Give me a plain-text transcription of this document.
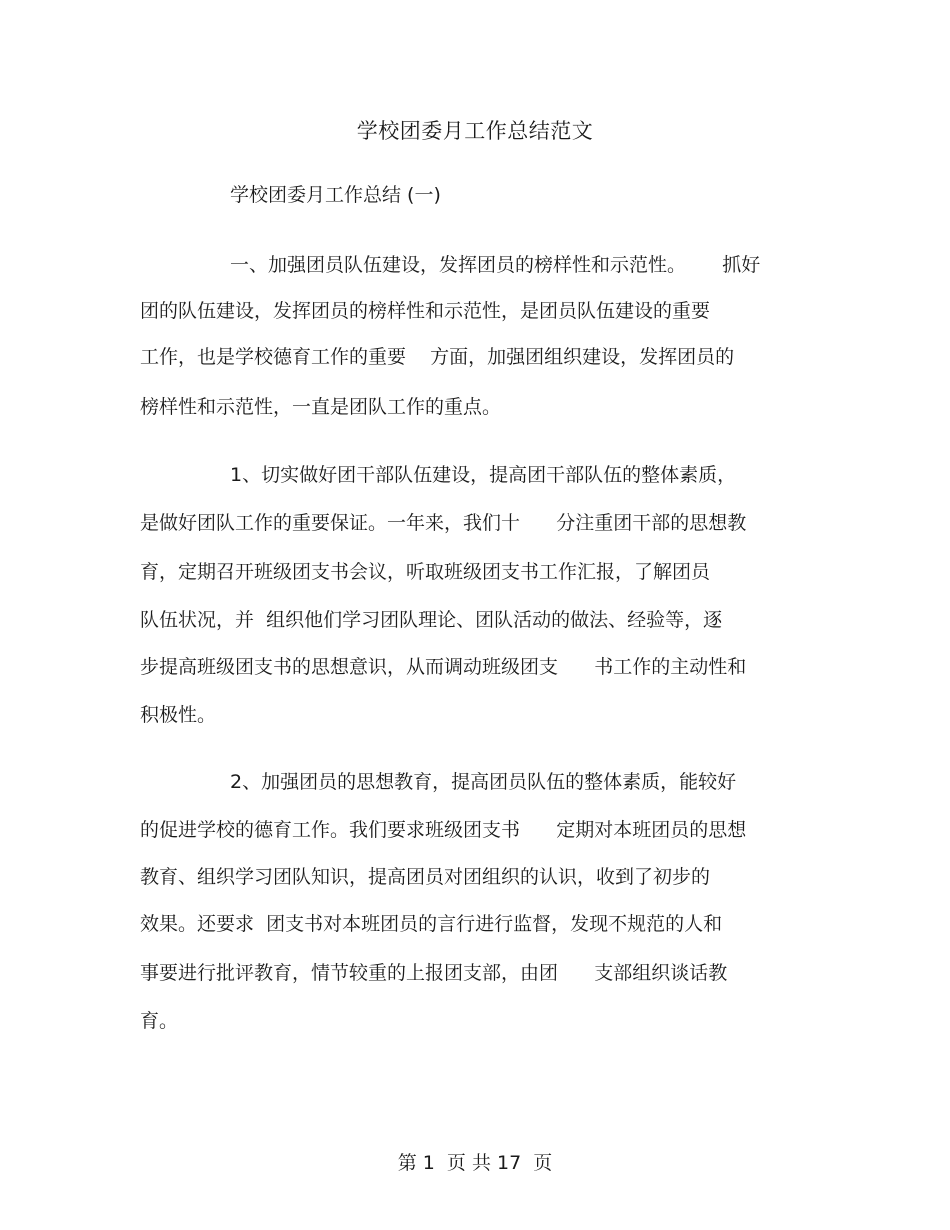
学校团委月工作总结范文
学校团委月工作总结 (一)
一、加强团员队伍建设，发挥团员的榜样性和示范性。      抓好
团的队伍建设，发挥团员的榜样性和示范性，是团员队伍建设的重要
工作，也是学校德育工作的重要    方面，加强团组织建设，发挥团员的
榜样性和示范性，一直是团队工作的重点。
1、切实做好团干部队伍建设，提高团干部队伍的整体素质，
是做好团队工作的重要保证。一年来，我们十      分注重团干部的思想教
育，定期召开班级团支书会议，听取班级团支书工作汇报，了解团员
队伍状况，并  组织他们学习团队理论、团队活动的做法、经验等，逐
步提高班级团支书的思想意识，从而调动班级团支      书工作的主动性和
积极性。
2、加强团员的思想教育，提高团员队伍的整体素质，能较好
的促进学校的德育工作。我们要求班级团支书      定期对本班团员的思想
教育、组织学习团队知识，提高团员对团组织的认识，收到了初步的
效果。还要求  团支书对本班团员的言行进行监督，发现不规范的人和
事要进行批评教育，情节较重的上报团支部，由团      支部组织谈话教
育。
第 1  页 共 17  页
